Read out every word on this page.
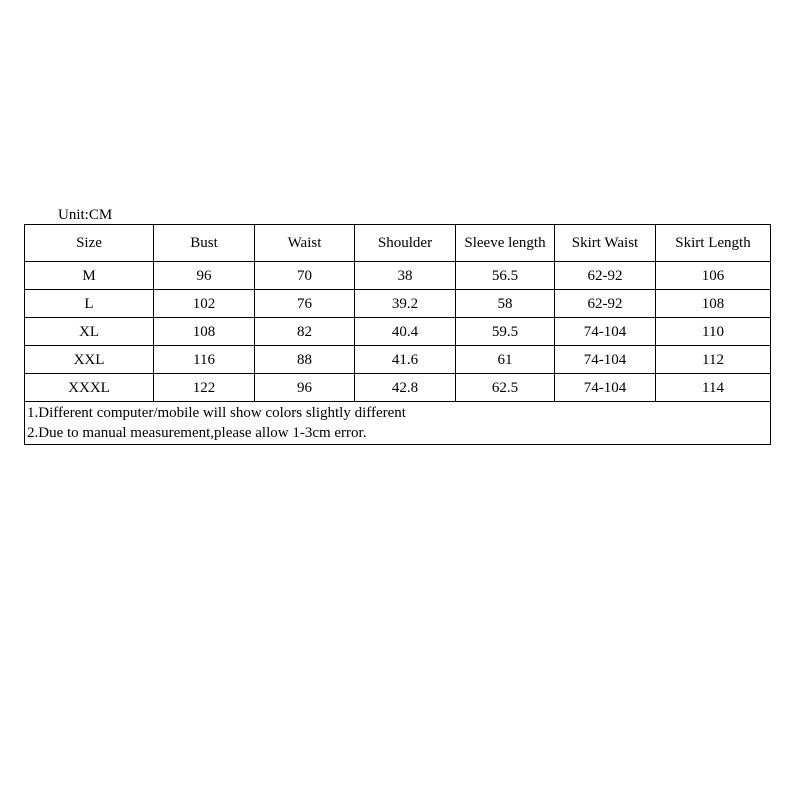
Unit:CM
Size	Bust	Waist	Shoulder	Sleeve length	Skirt Waist	Skirt Length
M	96	70	38	56.5	62-92	106
L	102	76	39.2	58	62-92	108
XL	108	82	40.4	59.5	74-104	110
XXL	116	88	41.6	61	74-104	112
XXXL	122	96	42.8	62.5	74-104	114

1.Different computer/mobile will show colors slightly different
2.Due to manual measurement,please allow 1-3cm error.						
